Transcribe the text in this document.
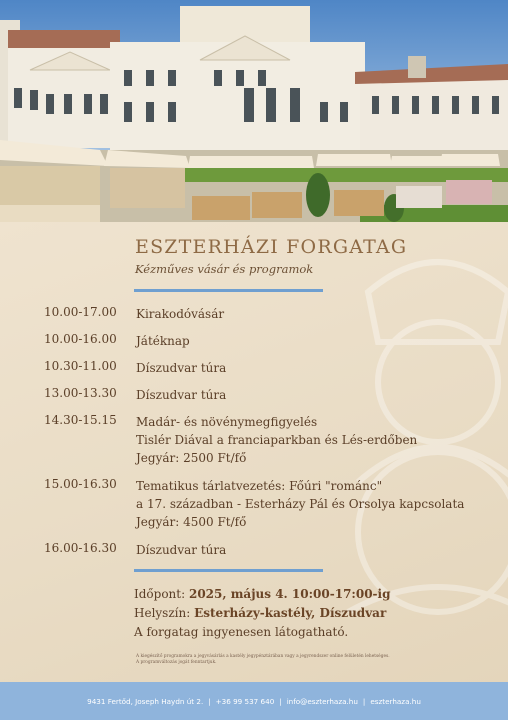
ESZTERHÁZI FORGATAG
Kézműves vásár és programok
10.00-17.00 Kirakodóvásár
10.00-16.00 Játéknap
10.30-11.00 Díszudvar túra
13.00-13.30 Díszudvar túra
14.30-15.15 Madár- és növénymegfigyelés
Tislér Diával a franciaparkban és Lés-erdőben
Jegyár: 2500 Ft/fő
15.00-16.30 Tematikus tárlatvezetés: Főúri "románc"
a 17. században - Esterházy Pál és Orsolya kapcsolata
Jegyár: 4500 Ft/fő
16.00-16.30 Díszudvar túra
Időpont: 2025, május 4. 10:00-17:00-ig
Helyszín: Esterházy-kastély, Díszudvar
A forgatag ingyenesen látogatható.
A kiegészítő programokra a jegyvásárlás a kastély jegypénztárában vagy a jegyrendszer online felületén lehetséges.
A programváltozás jogát fenntartjuk.
9431 Fertőd, Joseph Haydn út 2. | +36 99 537 640 | info@eszterhaza.hu | eszterhaza.hu
